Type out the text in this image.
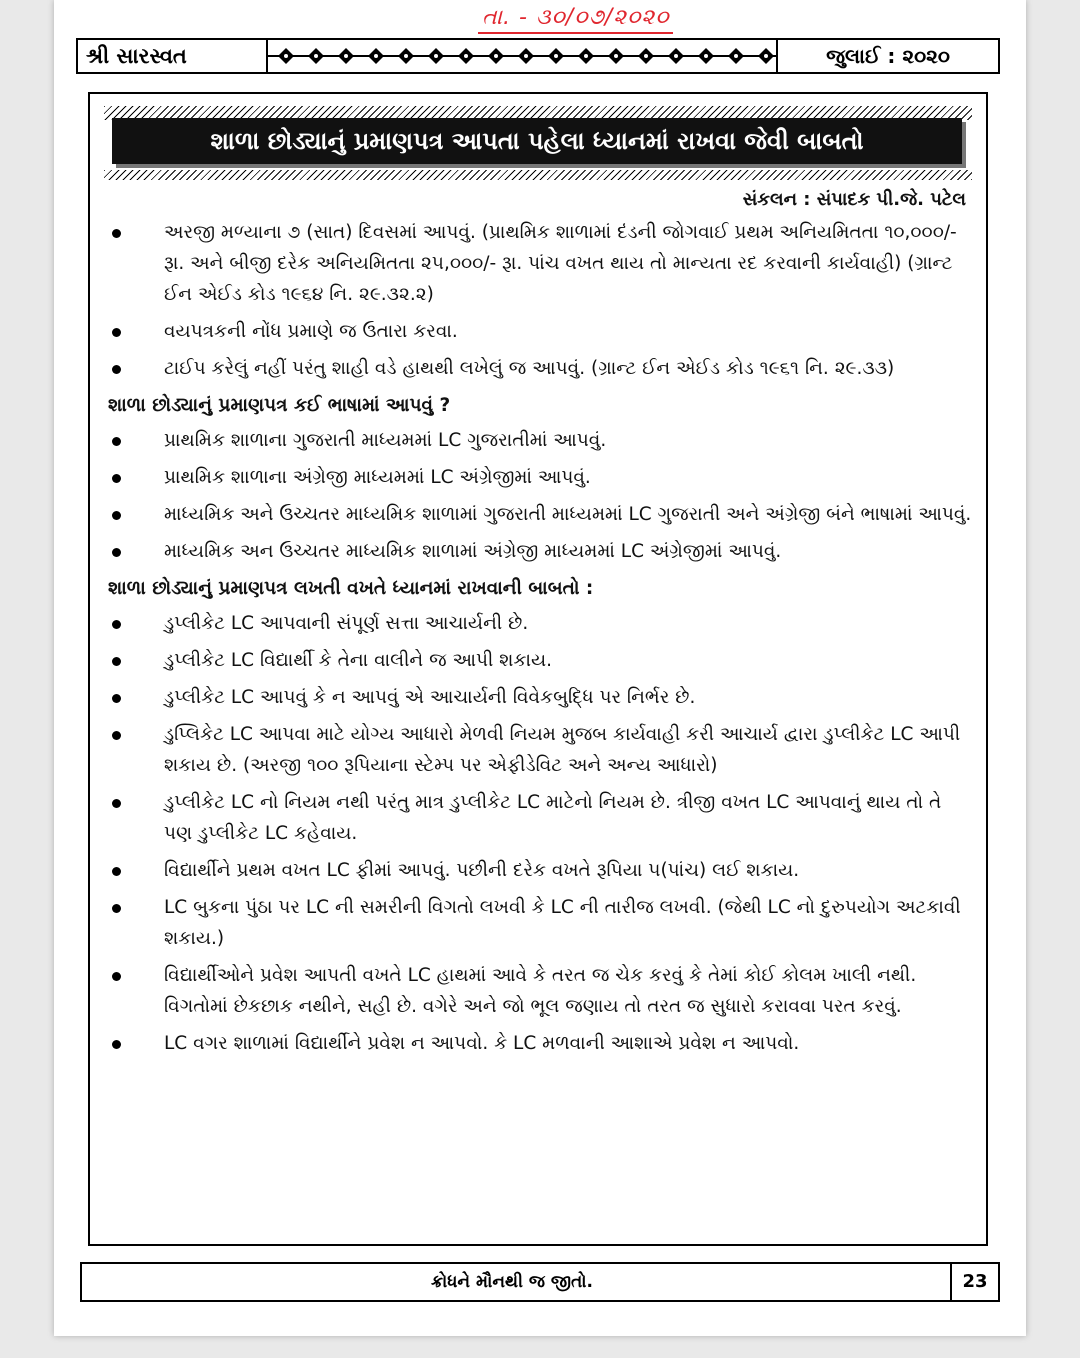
તા. - ૩૦/૦૭/૨૦૨૦
શ્રી સારસ્વત	જુલાઈ : ૨૦૨૦
શાળા છોડ્યાનું પ્રમાણપત્ર આપતા પહેલા ધ્યાનમાં રાખવા જેવી બાબતો
સંકલન : સંપાદક પી.જે. પટેલ
અરજી મળ્યાના ૭ (સાત) દિવસમાં આપવું. (પ્રાથમિક શાળામાં દંડની જોગવાઈ પ્રથમ અનિયમિતતા ૧૦,૦૦૦/- રૂા. અને બીજી દરેક અનિયમિતતા ૨૫,૦૦૦/- રૂા. પાંચ વખત થાય તો માન્યતા રદ કરવાની કાર્યવાહી) (ગ્રાન્ટ ઈન એઈડ કોડ ૧૯૬૪ નિ. ૨૯.૩૨.૨)
વયપત્રકની નોંધ પ્રમાણે જ ઉતારા કરવા.
ટાઈપ કરેલું નહીં પરંતુ શાહી વડે હાથથી લખેલું જ આપવું. (ગ્રાન્ટ ઈન એઈડ કોડ ૧૯૬૧ નિ. ૨૯.૩૩)
શાળા છોડ્યાનું પ્રમાણપત્ર કઈ ભાષામાં આપવું ?
પ્રાથમિક શાળાના ગુજરાતી માધ્યમમાં LC ગુજરાતીમાં આપવું.
પ્રાથમિક શાળાના અંગ્રેજી માધ્યમમાં LC અંગ્રેજીમાં આપવું.
માધ્યમિક અને ઉચ્ચતર માધ્યમિક શાળામાં ગુજરાતી માધ્યમમાં LC ગુજરાતી અને અંગ્રેજી બંને ભાષામાં આપવું.
માધ્યમિક અન ઉચ્ચતર માધ્યમિક શાળામાં અંગ્રેજી માધ્યમમાં LC અંગ્રેજીમાં આપવું.
શાળા છોડ્યાનું પ્રમાણપત્ર લખતી વખતે ધ્યાનમાં રાખવાની બાબતો :
ડુપ્લીકેટ LC આપવાની સંપૂર્ણ સત્તા આચાર્યની છે.
ડુપ્લીકેટ LC વિદ્યાર્થી કે તેના વાલીને જ આપી શકાય.
ડુપ્લીકેટ LC આપવું કે ન આપવું એ આચાર્યની વિવેકબુદ્ધિ પર નિર્ભર છે.
ડુપ્લિકેટ LC આપવા માટે યોગ્ય આધારો મેળવી નિયમ મુજબ કાર્યવાહી કરી આચાર્ય દ્વારા ડુપ્લીકેટ LC આપી શકાય છે. (અરજી ૧૦૦ રૂપિયાના સ્ટેમ્પ પર એફીડેવિટ અને અન્ય આધારો)
ડુપ્લીકેટ LC નો નિયમ નથી પરંતુ માત્ર ડુપ્લીકેટ LC માટેનો નિયમ છે. ત્રીજી વખત LC આપવાનું થાય તો તે પણ ડુપ્લીકેટ LC કહેવાય.
વિદ્યાર્થીને પ્રથમ વખત LC ફીમાં આપવું. પછીની દરેક વખતે રૂપિયા ૫(પાંચ) લઈ શકાય.
LC બુકના પુંઠા પર LC ની સમરીની વિગતો લખવી કે LC ની તારીજ લખવી. (જેથી LC નો દુરુપયોગ અટકાવી શકાય.)
વિદ્યાર્થીઓને પ્રવેશ આપતી વખતે LC હાથમાં આવે કે તરત જ ચેક કરવું કે તેમાં કોઈ કોલમ ખાલી નથી. વિગતોમાં છેકછાક નથીને, સહી છે. વગેરે અને જો ભૂલ જણાય તો તરત જ સુધારો કરાવવા પરત કરવું.
LC વગર શાળામાં વિદ્યાર્થીને પ્રવેશ ન આપવો. કે LC મળવાની આશાએ પ્રવેશ ન આપવો.
ક્રોધને મૌનથી જ જીતો.	23
